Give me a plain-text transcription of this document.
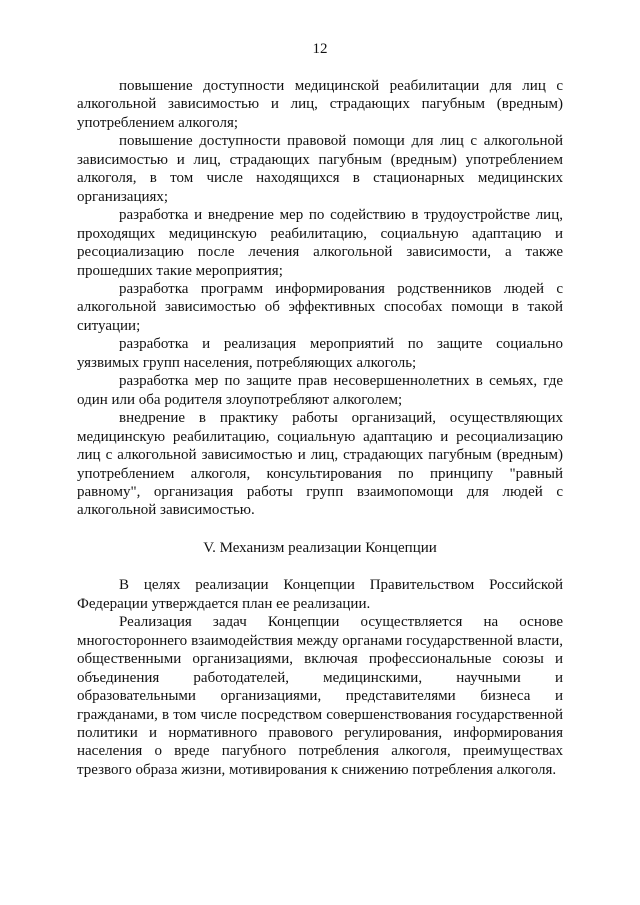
12

повышение доступности медицинской реабилитации для лиц с алкогольной зависимостью и лиц, страдающих пагубным (вредным) употреблением алкоголя;

повышение доступности правовой помощи для лиц с алкогольной зависимостью и лиц, страдающих пагубным (вредным) употреблением алкоголя, в том числе находящихся в стационарных медицинских организациях;

разработка и внедрение мер по содействию в трудоустройстве лиц, проходящих медицинскую реабилитацию, социальную адаптацию и ресоциализацию после лечения алкогольной зависимости, а также прошедших такие мероприятия;

разработка программ информирования родственников людей с алкогольной зависимостью об эффективных способах помощи в такой ситуации;

разработка и реализация мероприятий по защите социально уязвимых групп населения, потребляющих алкоголь;

разработка мер по защите прав несовершеннолетних в семьях, где один или оба родителя злоупотребляют алкоголем;

внедрение в практику работы организаций, осуществляющих медицинскую реабилитацию, социальную адаптацию и ресоциализацию лиц с алкогольной зависимостью и лиц, страдающих пагубным (вредным) употреблением алкоголя, консультирования по принципу "равный равному", организация работы групп взаимопомощи для людей с алкогольной зависимостью.

V. Механизм реализации Концепции

В целях реализации Концепции Правительством Российской Федерации утверждается план ее реализации.

Реализация задач Концепции осуществляется на основе многостороннего взаимодействия между органами государственной власти, общественными организациями, включая профессиональные союзы и объединения работодателей, медицинскими, научными и образовательными организациями, представителями бизнеса и гражданами, в том числе посредством совершенствования государственной политики и нормативного правового регулирования, информирования населения о вреде пагубного потребления алкоголя, преимуществах трезвого образа жизни, мотивирования к снижению потребления алкоголя.
